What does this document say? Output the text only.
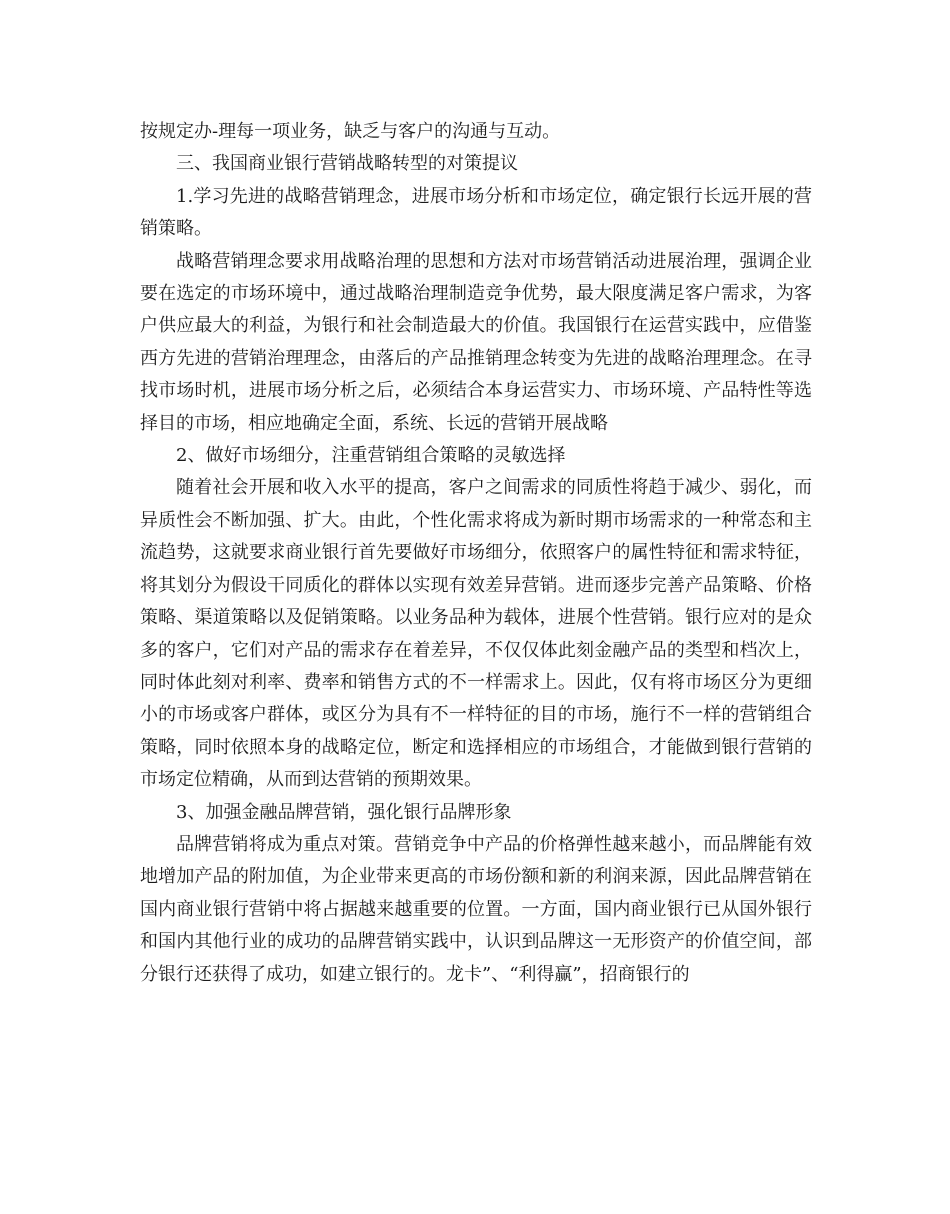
按规定办-理每一项业务，缺乏与客户的沟通与互动。

三、我国商业银行营销战略转型的对策提议

1.学习先进的战略营销理念，进展市场分析和市场定位，确定银行长远开展的营销策略。

战略营销理念要求用战略治理的思想和方法对市场营销活动进展治理，强调企业要在选定的市场环境中，通过战略治理制造竞争优势，最大限度满足客户需求，为客户供应最大的利益，为银行和社会制造最大的价值。我国银行在运营实践中，应借鉴西方先进的营销治理理念，由落后的产品推销理念转变为先进的战略治理理念。在寻找市场时机，进展市场分析之后，必须结合本身运营实力、市场环境、产品特性等选择目的市场，相应地确定全面，系统、长远的营销开展战略

2、做好市场细分，注重营销组合策略的灵敏选择

随着社会开展和收入水平的提高，客户之间需求的同质性将趋于减少、弱化，而异质性会不断加强、扩大。由此，个性化需求将成为新时期市场需求的一种常态和主流趋势，这就要求商业银行首先要做好市场细分，依照客户的属性特征和需求特征，将其划分为假设干同质化的群体以实现有效差异营销。进而逐步完善产品策略、价格策略、渠道策略以及促销策略。以业务品种为载体，进展个性营销。银行应对的是众多的客户，它们对产品的需求存在着差异，不仅仅体此刻金融产品的类型和档次上，同时体此刻对利率、费率和销售方式的不一样需求上。因此，仅有将市场区分为更细小的市场或客户群体，或区分为具有不一样特征的目的市场，施行不一样的营销组合策略，同时依照本身的战略定位，断定和选择相应的市场组合，才能做到银行营销的市场定位精确，从而到达营销的预期效果。

3、加强金融品牌营销，强化银行品牌形象

品牌营销将成为重点对策。营销竞争中产品的价格弹性越来越小，而品牌能有效地增加产品的附加值，为企业带来更高的市场份额和新的利润来源，因此品牌营销在国内商业银行营销中将占据越来越重要的位置。一方面，国内商业银行已从国外银行和国内其他行业的成功的品牌营销实践中，认识到品牌这一无形资产的价值空间，部分银行还获得了成功，如建立银行的。龙卡”、“利得赢”，招商银行的
